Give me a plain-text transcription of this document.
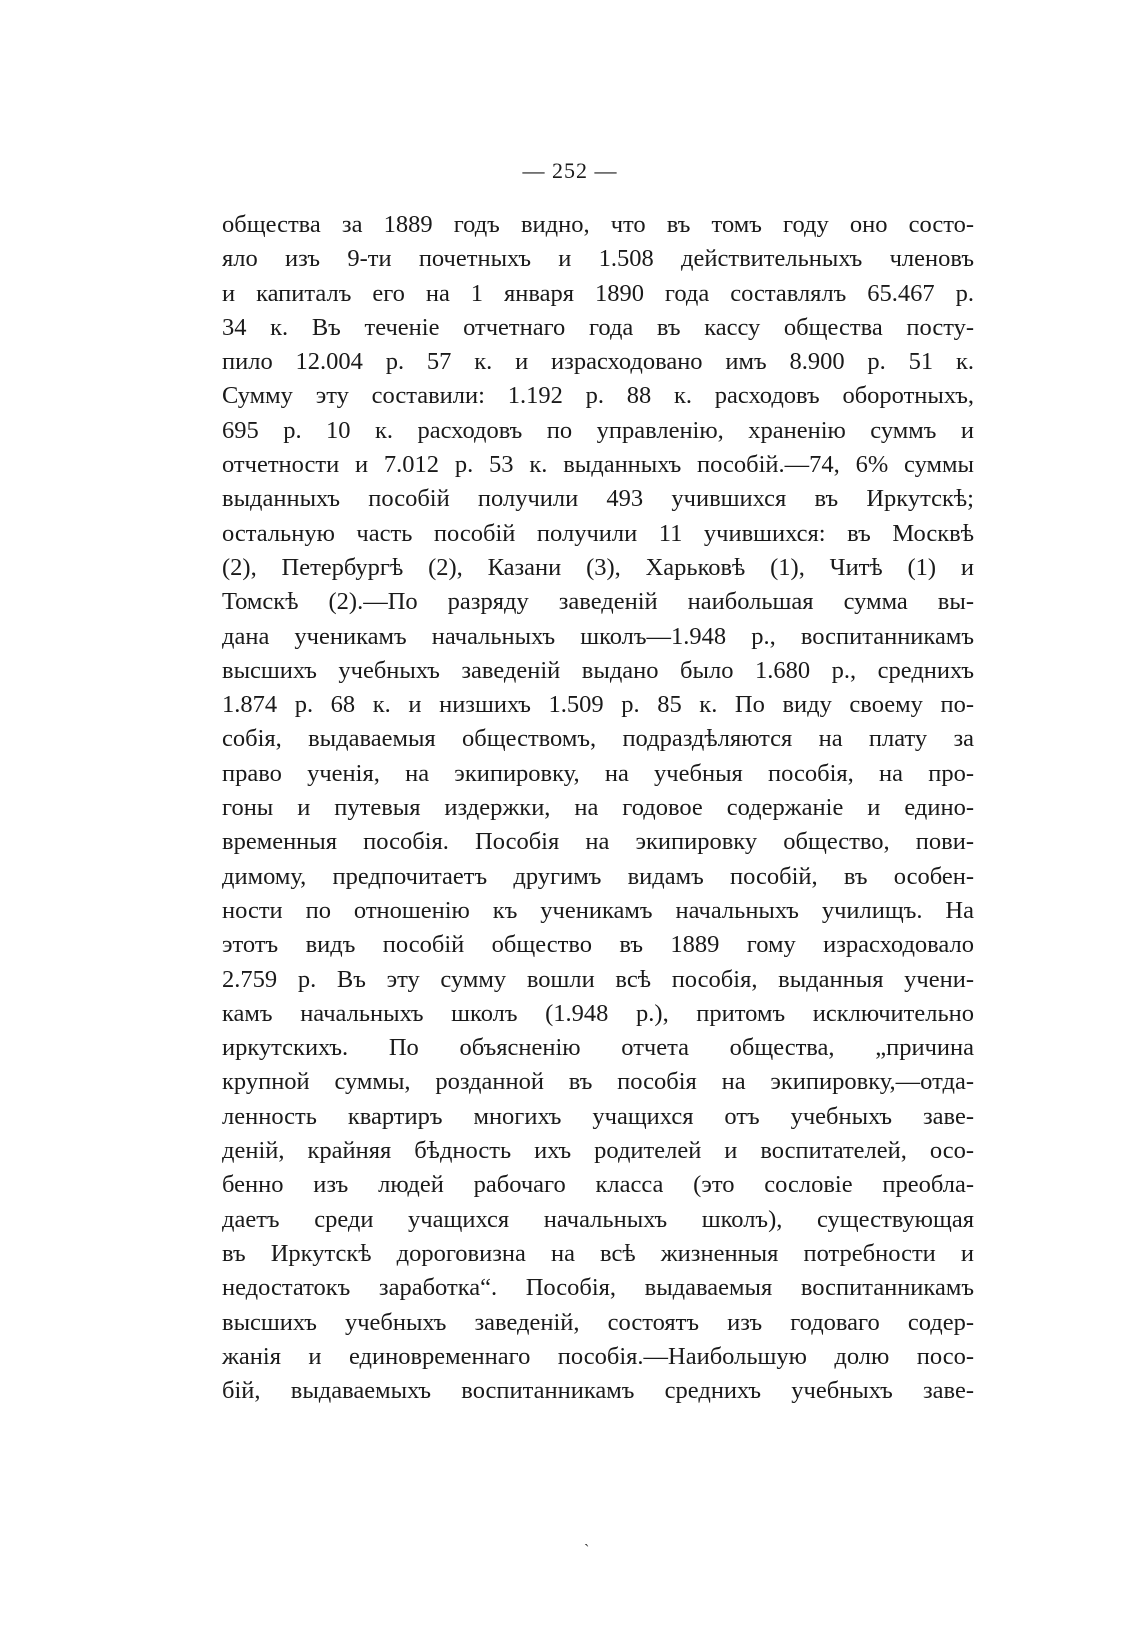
— 252 —
общества за 1889 годъ видно, что въ томъ году оно состо-
яло изъ 9-ти почетныхъ и 1.508 действительныхъ членовъ
и капиталъ его на 1 января 1890 года составлялъ 65.467 р.
34 к. Въ теченіе отчетнаго года въ кассу общества посту-
пило 12.004 р. 57 к. и израсходовано имъ 8.900 р. 51 к.
Сумму эту составили: 1.192 р. 88 к. расходовъ оборотныхъ,
695 р. 10 к. расходовъ по управленію, храненію суммъ и
отчетности и 7.012 р. 53 к. выданныхъ пособій.—74, 6% суммы
выданныхъ пособій получили 493 учившихся въ Иркутскѣ;
остальную часть пособій получили 11 учившихся: въ Москвѣ
(2), Петербургѣ (2), Казани (3), Харьковѣ (1), Читѣ (1) и
Томскѣ (2).—По разряду заведеній наибольшая сумма вы-
дана ученикамъ начальныхъ школъ—1.948 р., воспитанникамъ
высшихъ учебныхъ заведеній выдано было 1.680 р., среднихъ
1.874 р. 68 к. и низшихъ 1.509 р. 85 к. По виду своему по-
собія, выдаваемыя обществомъ, подраздѣляются на плату за
право ученія, на экипировку, на учебныя пособія, на про-
гоны и путевыя издержки, на годовое содержаніе и едино-
временныя пособія. Пособія на экипировку общество, пови-
димому, предпочитаетъ другимъ видамъ пособій, въ особен-
ности по отношенію къ ученикамъ начальныхъ училищъ. На
этотъ видъ пособій общество въ 1889 гому израсходовало
2.759 р. Въ эту сумму вошли всѣ пособія, выданныя учени-
камъ начальныхъ школъ (1.948 р.), притомъ исключительно
иркутскихъ. По объясненію отчета общества, „причина
крупной суммы, розданной въ пособія на экипировку,—отда-
ленность квартиръ многихъ учащихся отъ учебныхъ заве-
деній, крайняя бѣдность ихъ родителей и воспитателей, осо-
бенно изъ людей рабочаго класса (это сословіе преобла-
даетъ среди учащихся начальныхъ школъ), существующая
въ Иркутскѣ дороговизна на всѣ жизненныя потребности и
недостатокъ заработка“. Пособія, выдаваемыя воспитанникамъ
высшихъ учебныхъ заведеній, состоятъ изъ годоваго содер-
жанія и единовременнаго пособія.—Наибольшую долю посо-
бій, выдаваемыхъ воспитанникамъ среднихъ учебныхъ заве-
ˏ
